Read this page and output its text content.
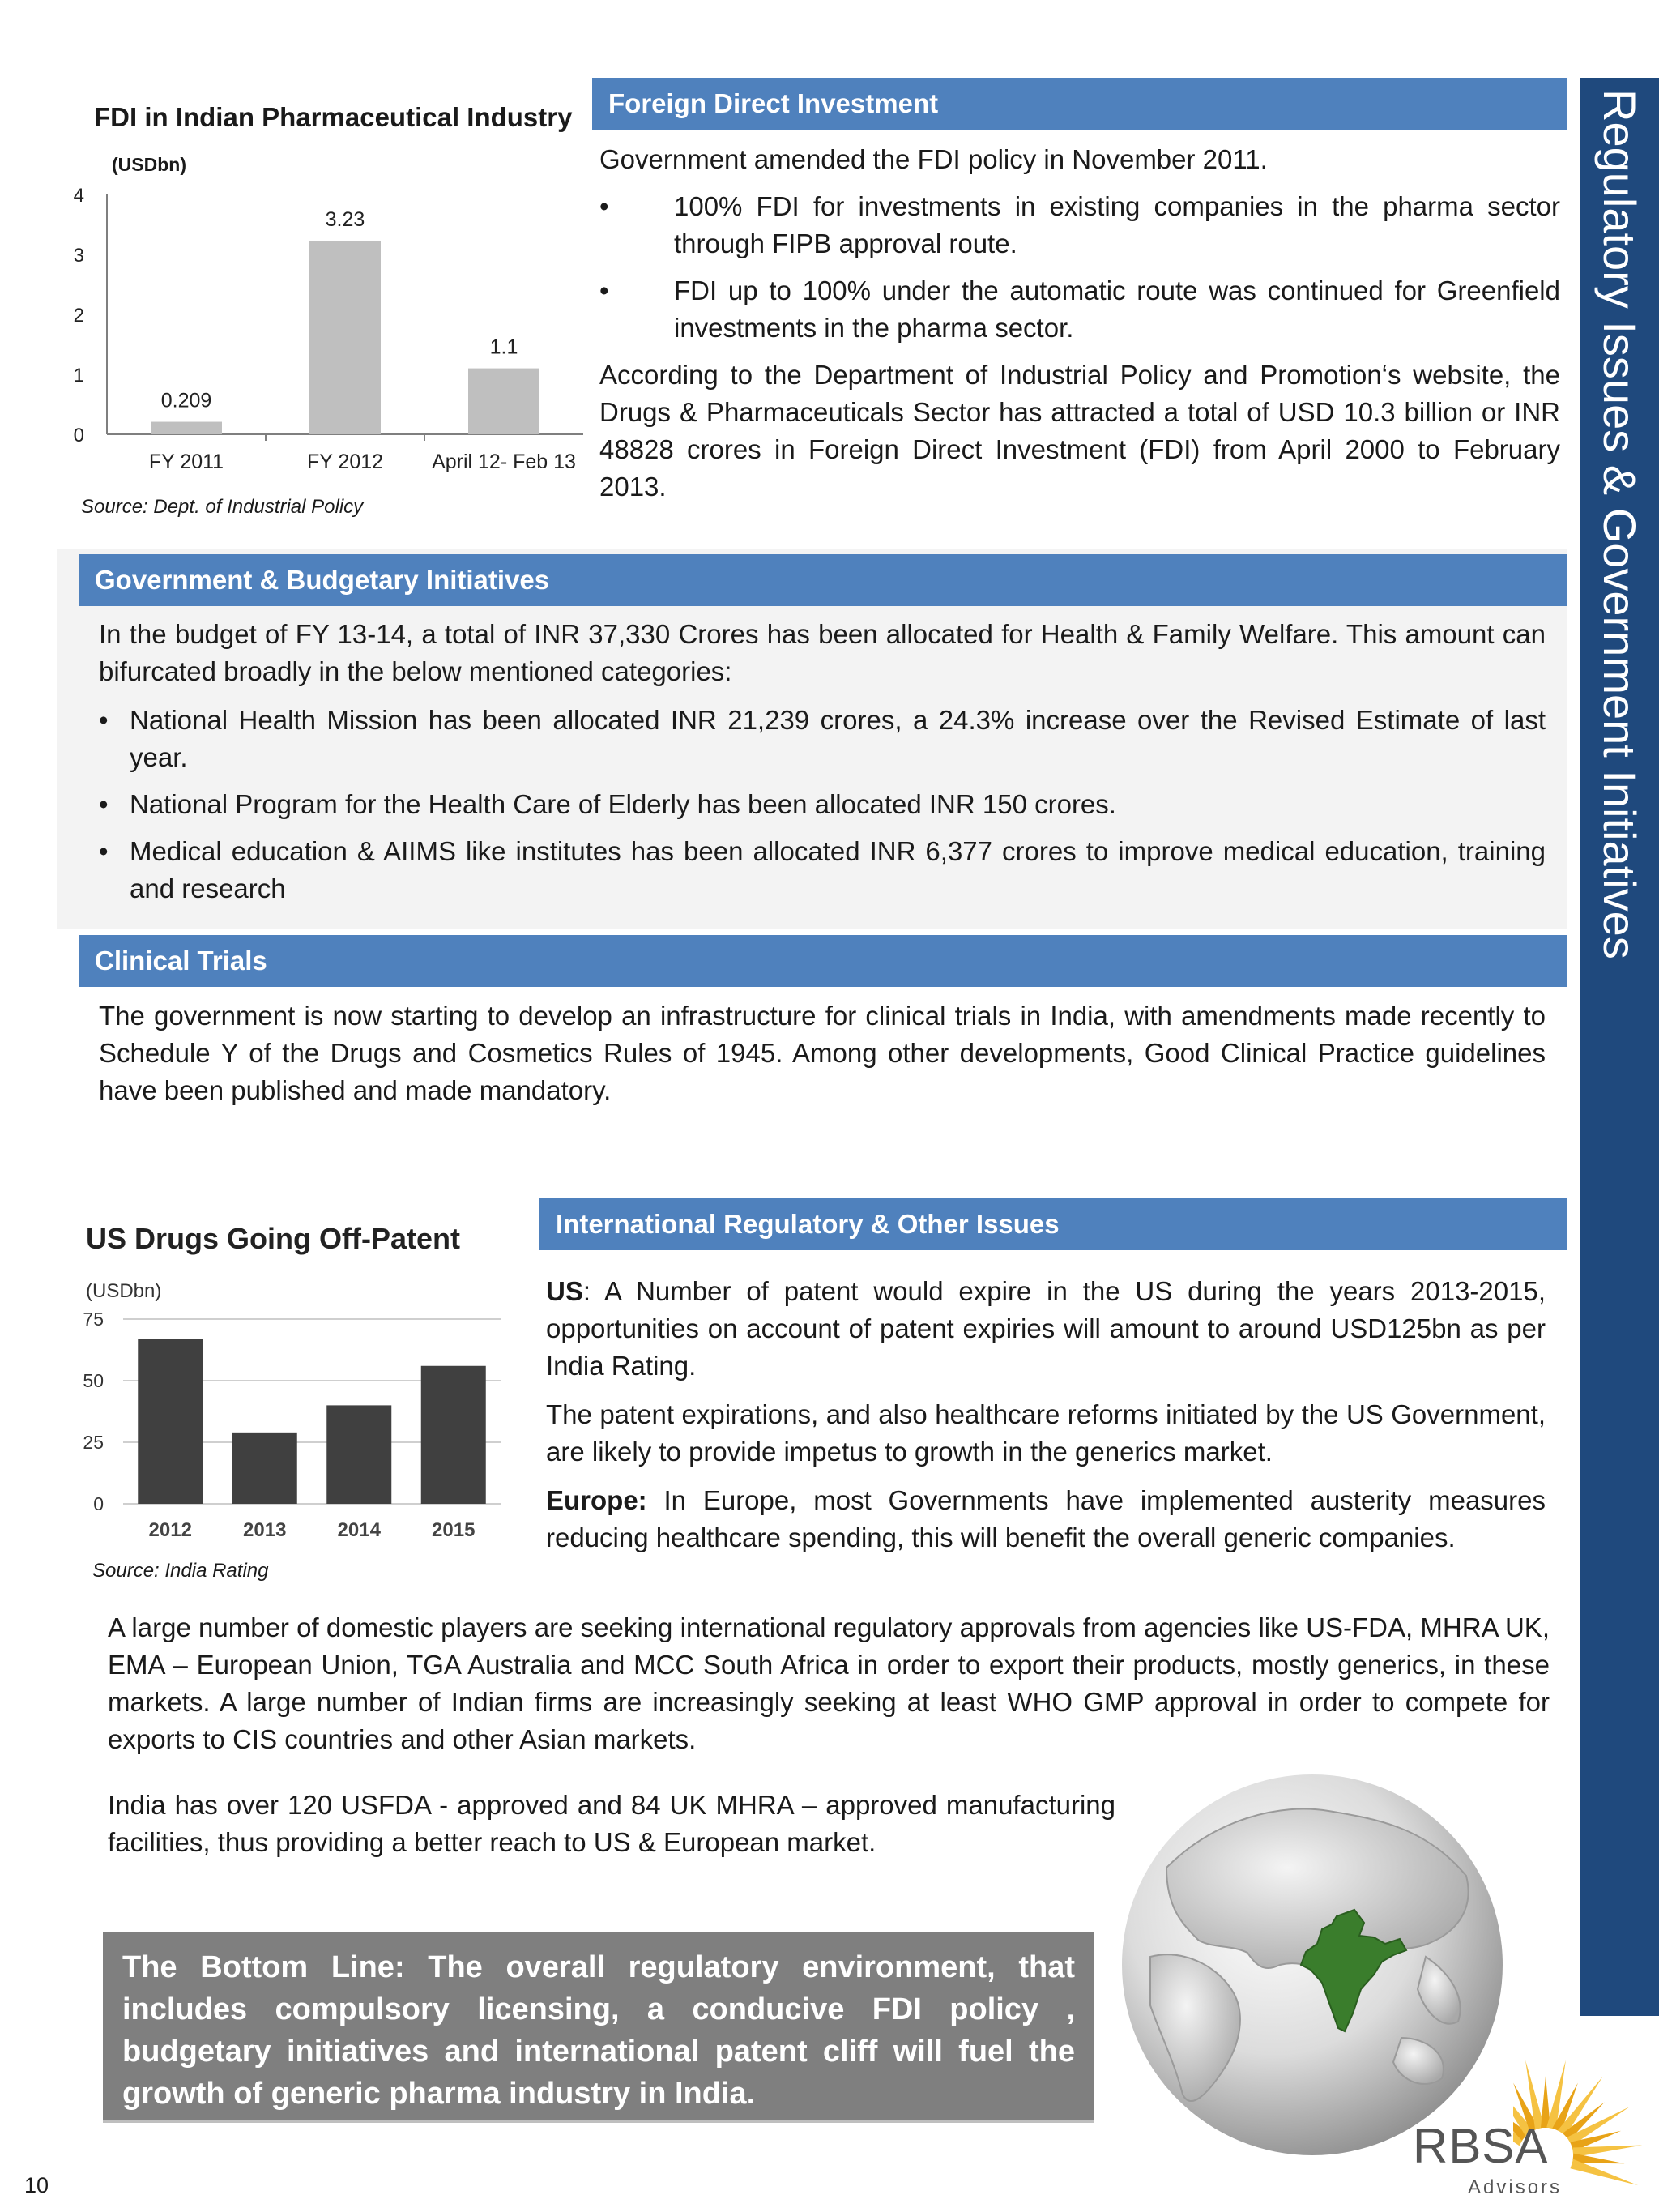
Regulatory Issues & Government Initiatives
FDI in Indian Pharmaceutical Industry
(USDbn)
0
1
2
3
4
0.209
FY 2011
3.23
FY 2012
1.1
April 12- Feb 13
Source: Dept. of Industrial Policy
Foreign Direct Investment

Government amended the FDI policy in November 2011.

• 100% FDI for investments in existing companies in the pharma sector through FIPB approval route.
• FDI up to 100% under the automatic route was continued for Greenfield investments in the pharma sector.

According to the Department of Industrial Policy and Promotion‘s website, the Drugs & Pharmaceuticals Sector has attracted a total of USD 10.3 billion or INR 48828 crores in Foreign Direct Investment (FDI) from April 2000 to February 2013.

Government & Budgetary Initiatives

In the budget of FY 13-14, a total of INR 37,330 Crores has been allocated for Health & Family Welfare. This amount can bifurcated broadly in the below mentioned categories:

• National Health Mission has been allocated INR 21,239 crores, a 24.3% increase over the Revised Estimate of last year.
• National Program for the Health Care of Elderly has been allocated INR 150 crores.
• Medical education & AIIMS like institutes has been allocated INR 6,377 crores to improve medical education, training and research
Clinical Trials
The government is now starting to develop an infrastructure for clinical trials in India, with amendments made recently to Schedule Y of the Drugs and Cosmetics Rules of 1945. Among other developments, Good Clinical Practice guidelines have been published and made mandatory.
US Drugs Going Off-Patent
(USDbn)
0
25
50
75
2012	2013	2014	2015
Source: India Rating
International Regulatory & Other Issues

US: A Number of patent would expire in the US during the years 2013-2015, opportunities on account of patent expiries will amount to around USD125bn as per India Rating.

The patent expirations, and also healthcare reforms initiated by the US Government, are likely to provide impetus to growth in the generics market.

Europe: In Europe, most Governments have implemented austerity measures reducing healthcare spending, this will benefit the overall generic companies.

A large number of domestic players are seeking international regulatory approvals from agencies like US-FDA, MHRA UK, EMA – European Union, TGA Australia and MCC South Africa in order to export their products, mostly generics, in these markets. A large number of Indian firms are increasingly seeking at least WHO GMP approval in order to compete for exports to CIS countries and other Asian markets.
India has over 120 USFDA - approved and 84 UK MHRA – approved manufacturing facilities, thus providing a better reach to US & European market.
The Bottom Line: The overall regulatory environment, that includes compulsory licensing, a conducive FDI policy , budgetary initiatives and international patent cliff will fuel the growth of generic pharma industry in India.
RBSA
Advisors
10
